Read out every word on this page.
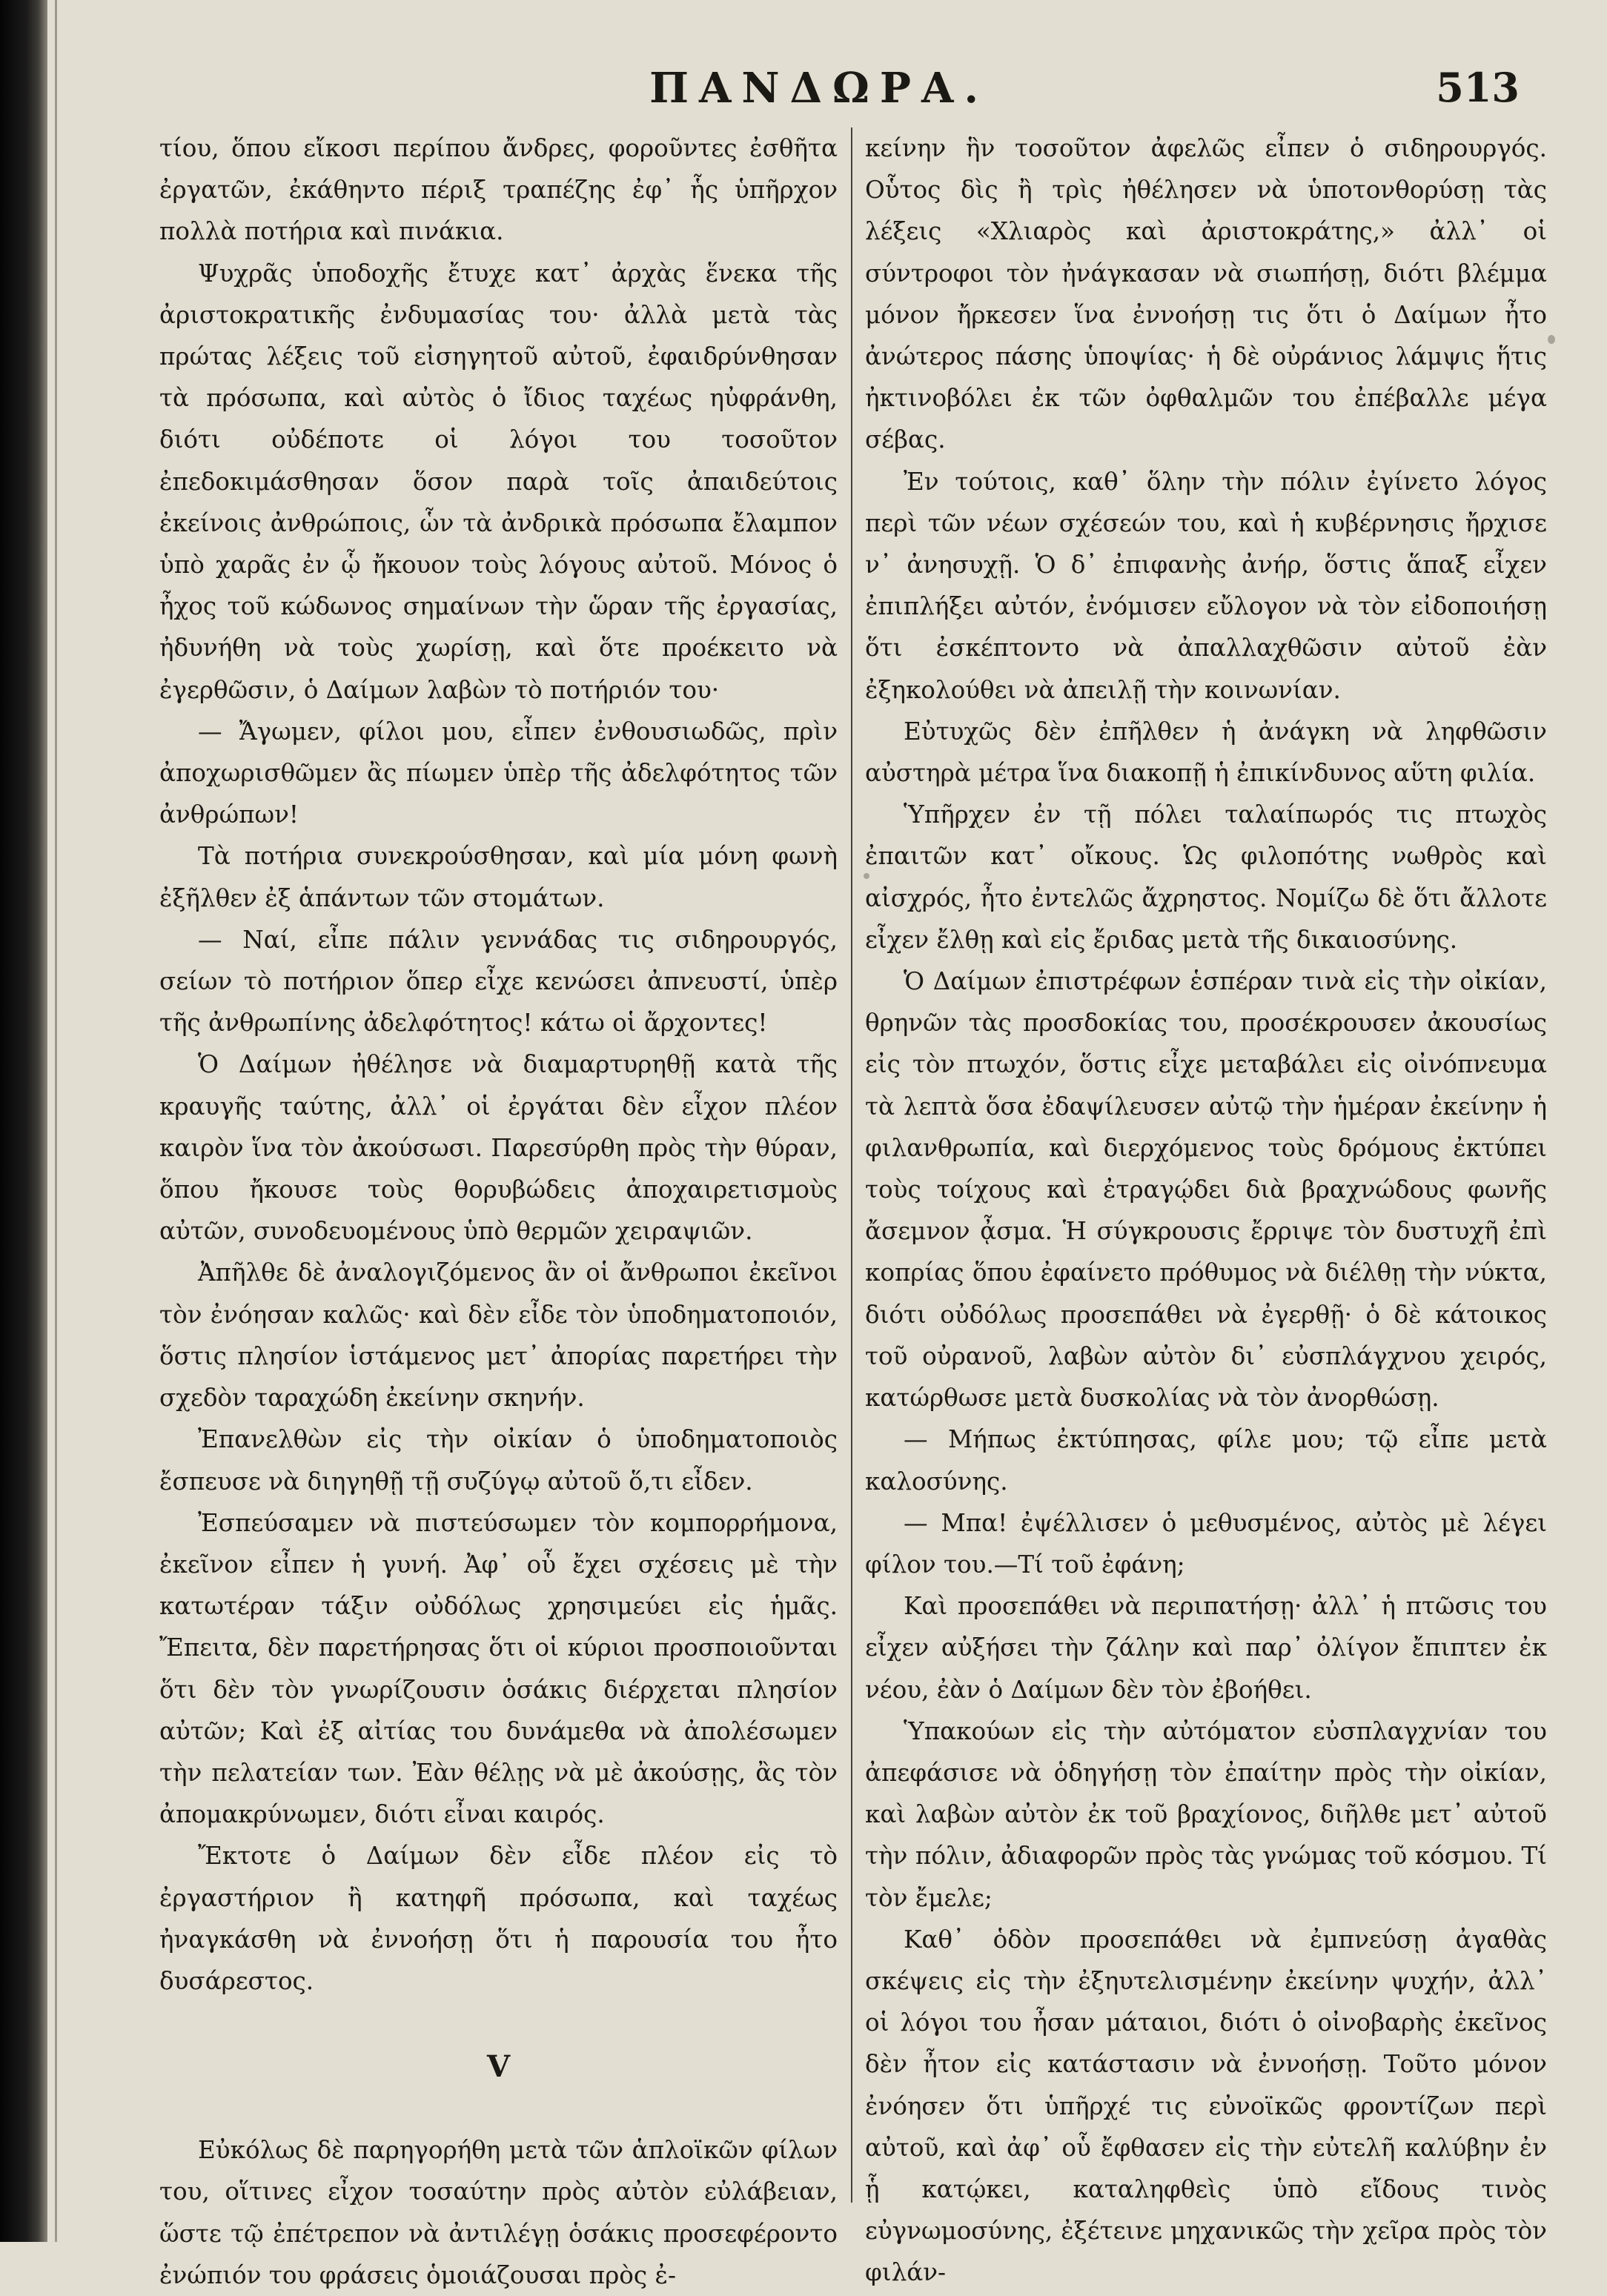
ΠΑΝΔΩΡΑ.	513

τίου, ὅπου εἴκοσι περίπου ἄνδρες, φοροῦντες ἐσθῆτα ἐργατῶν, ἐκάθηντο πέριξ τραπέζης ἐφ᾽ ἧς ὑπῆρχον πολλὰ ποτήρια καὶ πινάκια.

Ψυχρᾶς ὑποδοχῆς ἔτυχε κατ᾽ ἀρχὰς ἕνεκα τῆς ἀριστοκρατικῆς ἐνδυμασίας του· ἀλλὰ μετὰ τὰς πρώτας λέξεις τοῦ εἰσηγητοῦ αὐτοῦ, ἐφαιδρύνθησαν τὰ πρόσωπα, καὶ αὐτὸς ὁ ἴδιος ταχέως ηὐφράνθη, διότι οὐδέποτε οἱ λόγοι του τοσοῦτον ἐπεδοκιμάσθησαν ὅσον παρὰ τοῖς ἀπαιδεύτοις ἐκείνοις ἀνθρώποις, ὧν τὰ ἀνδρικὰ πρόσωπα ἔλαμπον ὑπὸ χαρᾶς ἐν ᾧ ἤκουον τοὺς λόγους αὐτοῦ. Μόνος ὁ ἦχος τοῦ κώδωνος σημαίνων τὴν ὥραν τῆς ἐργασίας, ἠδυνήθη νὰ τοὺς χωρίσῃ, καὶ ὅτε προέκειτο νὰ ἐγερθῶσιν, ὁ Δαίμων λαβὼν τὸ ποτήριόν του·

— Ἄγωμεν, φίλοι μου, εἶπεν ἐνθουσιωδῶς, πρὶν ἀποχωρισθῶμεν ἂς πίωμεν ὑπὲρ τῆς ἀδελφότητος τῶν ἀνθρώπων!

Τὰ ποτήρια συνεκρούσθησαν, καὶ μία μόνη φωνὴ ἐξῆλθεν ἐξ ἁπάντων τῶν στομάτων.

— Ναί, εἶπε πάλιν γεννάδας τις σιδηρουργός, σείων τὸ ποτήριον ὅπερ εἶχε κενώσει ἀπνευστί, ὑπὲρ τῆς ἀνθρωπίνης ἀδελφότητος! κάτω οἱ ἄρχοντες!

Ὁ Δαίμων ἠθέλησε νὰ διαμαρτυρηθῇ κατὰ τῆς κραυγῆς ταύτης, ἀλλ᾽ οἱ ἐργάται δὲν εἶχον πλέον καιρὸν ἵνα τὸν ἀκούσωσι. Παρεσύρθη πρὸς τὴν θύραν, ὅπου ἤκουσε τοὺς θορυβώδεις ἀποχαιρετισμοὺς αὐτῶν, συνοδευομένους ὑπὸ θερμῶν χειραψιῶν.

Ἀπῆλθε δὲ ἀναλογιζόμενος ἂν οἱ ἄνθρωποι ἐκεῖνοι τὸν ἐνόησαν καλῶς· καὶ δὲν εἶδε τὸν ὑποδηματοποιόν, ὅστις πλησίον ἱστάμενος μετ᾽ ἀπορίας παρετήρει τὴν σχεδὸν ταραχώδη ἐκείνην σκηνήν.

Ἐπανελθὼν εἰς τὴν οἰκίαν ὁ ὑποδηματοποιὸς ἔσπευσε νὰ διηγηθῇ τῇ συζύγῳ αὐτοῦ ὅ,τι εἶδεν.

Ἐσπεύσαμεν νὰ πιστεύσωμεν τὸν κομπορρήμονα, ἐκεῖνον εἶπεν ἡ γυνή. Ἀφ᾽ οὗ ἔχει σχέσεις μὲ τὴν κατωτέραν τάξιν οὐδόλως χρησιμεύει εἰς ἡμᾶς. Ἔπειτα, δὲν παρετήρησας ὅτι οἱ κύριοι προσποιοῦνται ὅτι δὲν τὸν γνωρίζουσιν ὁσάκις διέρχεται πλησίον αὐτῶν; Καὶ ἐξ αἰτίας του δυνάμεθα νὰ ἀπολέσωμεν τὴν πελατείαν των. Ἐὰν θέλῃς νὰ μὲ ἀκούσῃς, ἂς τὸν ἀπομακρύνωμεν, διότι εἶναι καιρός.

Ἔκτοτε ὁ Δαίμων δὲν εἶδε πλέον εἰς τὸ ἐργαστήριον ἢ κατηφῆ πρόσωπα, καὶ ταχέως ἠναγκάσθη νὰ ἐννοήσῃ ὅτι ἡ παρουσία του ἦτο δυσάρεστος.

V

Εὐκόλως δὲ παρηγορήθη μετὰ τῶν ἁπλοϊκῶν φίλων του, οἵτινες εἶχον τοσαύτην πρὸς αὐτὸν εὐλάβειαν, ὥστε τῷ ἐπέτρεπον νὰ ἀντιλέγῃ ὁσάκις προσεφέροντο ἐνώπιόν του φράσεις ὁμοιάζουσαι πρὸς ἐ-

κείνην ἣν τοσοῦτον ἀφελῶς εἶπεν ὁ σιδηρουργός. Οὗτος δὶς ἢ τρὶς ἠθέλησεν νὰ ὑποτονθορύσῃ τὰς λέξεις «Χλιαρὸς καὶ ἀριστοκράτης,» ἀλλ᾽ οἱ σύντροφοι τὸν ἠνάγκασαν νὰ σιωπήσῃ, διότι βλέμμα μόνον ἤρκεσεν ἵνα ἐννοήσῃ τις ὅτι ὁ Δαίμων ἦτο ἀνώτερος πάσης ὑποψίας· ἡ δὲ οὐράνιος λάμψις ἥτις ἠκτινοβόλει ἐκ τῶν ὀφθαλμῶν του ἐπέβαλλε μέγα σέβας.

Ἐν τούτοις, καθ᾽ ὅλην τὴν πόλιν ἐγίνετο λόγος περὶ τῶν νέων σχέσεών του, καὶ ἡ κυβέρνησις ἤρχισε ν᾽ ἀνησυχῇ. Ὁ δ᾽ ἐπιφανὴς ἀνήρ, ὅστις ἅπαξ εἶχεν ἐπιπλήξει αὐτόν, ἐνόμισεν εὔλογον νὰ τὸν εἰδοποιήσῃ ὅτι ἐσκέπτοντο νὰ ἀπαλλαχθῶσιν αὐτοῦ ἐὰν ἐξηκολούθει νὰ ἀπειλῇ τὴν κοινωνίαν.

Εὐτυχῶς δὲν ἐπῆλθεν ἡ ἀνάγκη νὰ ληφθῶσιν αὐστηρὰ μέτρα ἵνα διακοπῇ ἡ ἐπικίνδυνος αὕτη φιλία.

Ὑπῆρχεν ἐν τῇ πόλει ταλαίπωρός τις πτωχὸς ἐπαιτῶν κατ᾽ οἴκους. Ὡς φιλοπότης νωθρὸς καὶ αἰσχρός, ἦτο ἐντελῶς ἄχρηστος. Νομίζω δὲ ὅτι ἄλλοτε εἶχεν ἔλθῃ καὶ εἰς ἔριδας μετὰ τῆς δικαιοσύνης.

Ὁ Δαίμων ἐπιστρέφων ἑσπέραν τινὰ εἰς τὴν οἰκίαν, θρηνῶν τὰς προσδοκίας του, προσέκρουσεν ἀκουσίως εἰς τὸν πτωχόν, ὅστις εἶχε μεταβάλει εἰς οἰνόπνευμα τὰ λεπτὰ ὅσα ἐδαψίλευσεν αὐτῷ τὴν ἡμέραν ἐκείνην ἡ φιλανθρωπία, καὶ διερχόμενος τοὺς δρόμους ἐκτύπει τοὺς τοίχους καὶ ἐτραγῴδει διὰ βραχνώδους φωνῆς ἄσεμνον ᾆσμα. Ἡ σύγκρουσις ἔρριψε τὸν δυστυχῆ ἐπὶ κοπρίας ὅπου ἐφαίνετο πρόθυμος νὰ διέλθῃ τὴν νύκτα, διότι οὐδόλως προσεπάθει νὰ ἐγερθῇ· ὁ δὲ κάτοικος τοῦ οὐρανοῦ, λαβὼν αὐτὸν δι᾽ εὐσπλάγχνου χειρός, κατώρθωσε μετὰ δυσκολίας νὰ τὸν ἀνορθώσῃ.

— Μήπως ἐκτύπησας, φίλε μου; τῷ εἶπε μετὰ καλοσύνης.

— Μπα! ἐψέλλισεν ὁ μεθυσμένος, αὐτὸς μὲ λέγει φίλον του.—Τί τοῦ ἐφάνη;

Καὶ προσεπάθει νὰ περιπατήσῃ· ἀλλ᾽ ἡ πτῶσις του εἶχεν αὐξήσει τὴν ζάλην καὶ παρ᾽ ὀλίγον ἔπιπτεν ἐκ νέου, ἐὰν ὁ Δαίμων δὲν τὸν ἐβοήθει.

Ὑπακούων εἰς τὴν αὐτόματον εὐσπλαγχνίαν του ἀπεφάσισε νὰ ὁδηγήσῃ τὸν ἐπαίτην πρὸς τὴν οἰκίαν, καὶ λαβὼν αὐτὸν ἐκ τοῦ βραχίονος, διῆλθε μετ᾽ αὐτοῦ τὴν πόλιν, ἀδιαφορῶν πρὸς τὰς γνώμας τοῦ κόσμου. Τί τὸν ἔμελε;

Καθ᾽ ὁδὸν προσεπάθει νὰ ἐμπνεύσῃ ἀγαθὰς σκέψεις εἰς τὴν ἐξηυτελισμένην ἐκείνην ψυχήν, ἀλλ᾽ οἱ λόγοι του ἦσαν μάταιοι, διότι ὁ οἰνοβαρὴς ἐκεῖνος δὲν ἦτον εἰς κατάστασιν νὰ ἐννοήσῃ. Τοῦτο μόνον ἐνόησεν ὅτι ὑπῆρχέ τις εὐνοϊκῶς φροντίζων περὶ αὐτοῦ, καὶ ἀφ᾽ οὗ ἔφθασεν εἰς τὴν εὐτελῆ καλύβην ἐν ᾗ κατῴκει, καταληφθεὶς ὑπὸ εἴδους τινὸς εὐγνωμοσύνης, ἐξέτεινε μηχανικῶς τὴν χεῖρα πρὸς τὸν φιλάν-
